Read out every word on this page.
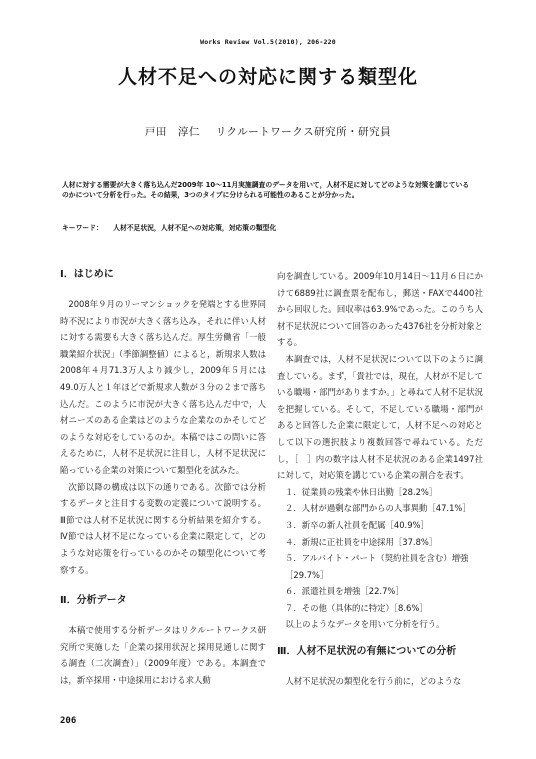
Works Review Vol.5(2010), 206-220
人材不足への対応に関する類型化
戸田　淳仁 リクルートワークス研究所・研究員
人材に対する需要が大きく落ち込んだ2009年 10～11月実施調査のデータを用いて，人材不足に対してどのような対策を講じているのかについて分析を行った。その結果，3つのタイプに分けられる可能性のあることが分かった。
キーワード： 人材不足状況，人材不足への対応策，対応策の類型化

Ⅰ．はじめに

2008年９月のリーマンショックを発端とする世界同時不況により市況が大きく落ち込み，それに伴い人材に対する需要も大きく落ち込んだ。厚生労働省「一般職業紹介状況」（季節調整値）によると，新規求人数は2008年４月71.3万人より減少し，2009年５月には49.0万人と１年ほどで新規求人数が３分の２まで落ち込んだ。このように市況が大きく落ち込んだ中で，人材ニーズのある企業はどのような企業なのかそしてどのような対応をしているのか。本稿ではこの問いに答えるために，人材不足状況に注目し，人材不足状況に陥っている企業の対策について類型化を試みた。

次節以降の構成は以下の通りである。次節では分析するデータと注目する変数の定義について説明する。Ⅲ節では人材不足状況に関する分析結果を紹介する。Ⅳ節では人材不足になっている企業に限定して，どのような対応策を行っているのかその類型化について考察する。

Ⅱ．分析データ

本稿で使用する分析データはリクルートワークス研究所で実施した「企業の採用状況と採用見通しに関する調査（二次調査）」（2009年度）である。本調査では，新卒採用・中途採用における求人動

向を調査している。2009年10月14日～11月６日にかけて6889社に調査票を配布し，郵送・FAXで4400社から回収した。回収率は63.9%であった。このうち人材不足状況について回答のあった4376社を分析対象とする。

本調査では，人材不足状況について以下のように調査している。まず，「貴社では，現在，人材が不足している職場・部門がありますか。」と尋ねて人材不足状況を把握している。そして，不足している職場・部門があると回答した企業に限定して，人材不足への対応として以下の選択肢より複数回答で尋ねている。ただし，［　］内の数字は人材不足状況のある企業1497社に対して，対応策を講じている企業の割合を表す。

１．従業員の残業や休日出勤［28.2%］
２．人材が過剰な部門からの人事異動［47.1%］
３．新卒の新人社員を配属［40.9%］
４．新規に正社員を中途採用［37.8%］
５．アルバイト・パート（契約社員を含む）増強［29.7%］
６．派遣社員を増強［22.7%］
７．その他（具体的に特定）［8.6%］

以上のようなデータを用いて分析を行う。

Ⅲ．人材不足状況の有無についての分析

人材不足状況の類型化を行う前に，どのような

206
